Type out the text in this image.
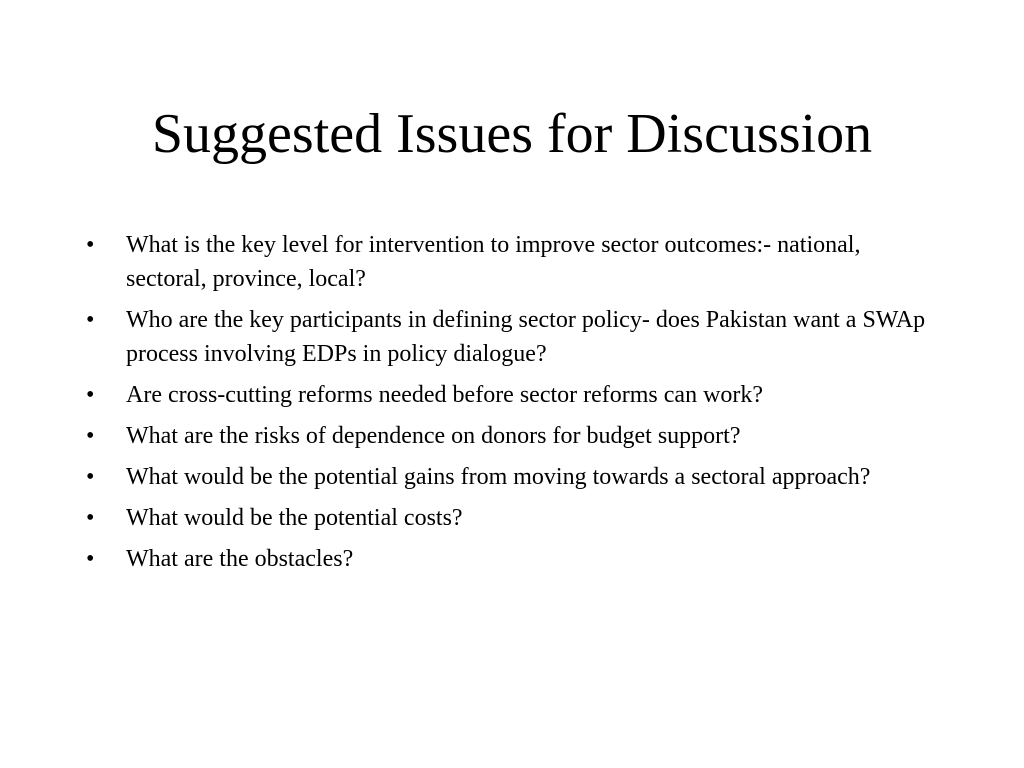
Suggested Issues for Discussion
•	What is the key level for intervention to improve sector outcomes:- national, sectoral, province, local?
•	Who are the key participants in defining sector policy- does Pakistan want a SWAp process involving EDPs in policy dialogue?
•	Are cross-cutting reforms needed before sector reforms can work?
•	What are the risks of dependence on donors for budget support?
•	What would be the potential gains from moving towards a sectoral approach?
•	What would be the potential costs?
•	What are the obstacles?
